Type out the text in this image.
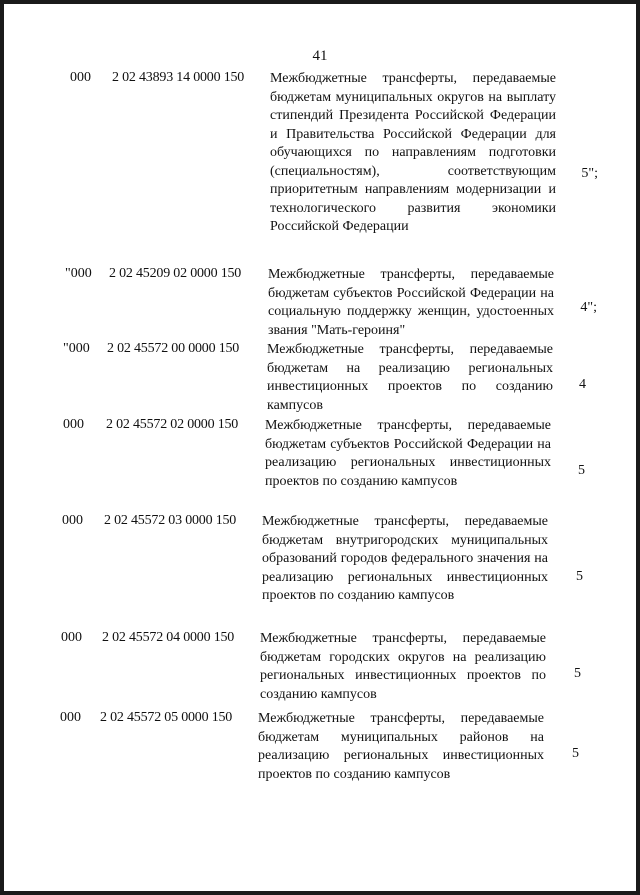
41
000 2 02 43893 14 0000 150 Межбюджетные трансферты, передаваемые бюджетам муниципальных округов на выплату стипендий Президента Российской Федерации и Правительства Российской Федерации для обучающихся по направлениям подготовки (специальностям), соответствующим приоритетным направлениям модернизации и технологического развития экономики Российской Федерации
5";
"000 2 02 45209 02 0000 150 Межбюджетные трансферты, передаваемые бюджетам субъектов Российской Федерации на социальную поддержку женщин, удостоенных звания "Мать-героиня"
4";
"000 2 02 45572 00 0000 150 Межбюджетные трансферты, передаваемые бюджетам на реализацию региональных инвестиционных проектов по созданию кампусов
4
000 2 02 45572 02 0000 150 Межбюджетные трансферты, передаваемые бюджетам субъектов Российской Федерации на реализацию региональных инвестиционных проектов по созданию кампусов
5
000 2 02 45572 03 0000 150 Межбюджетные трансферты, передаваемые бюджетам внутригородских муниципальных образований городов федерального значения на реализацию региональных инвестиционных проектов по созданию кампусов
5
000 2 02 45572 04 0000 150 Межбюджетные трансферты, передаваемые бюджетам городских округов на реализацию региональных инвестиционных проектов по созданию кампусов
5
000 2 02 45572 05 0000 150 Межбюджетные трансферты, передаваемые бюджетам муниципальных районов на реализацию региональных инвестиционных проектов по созданию кампусов
5
